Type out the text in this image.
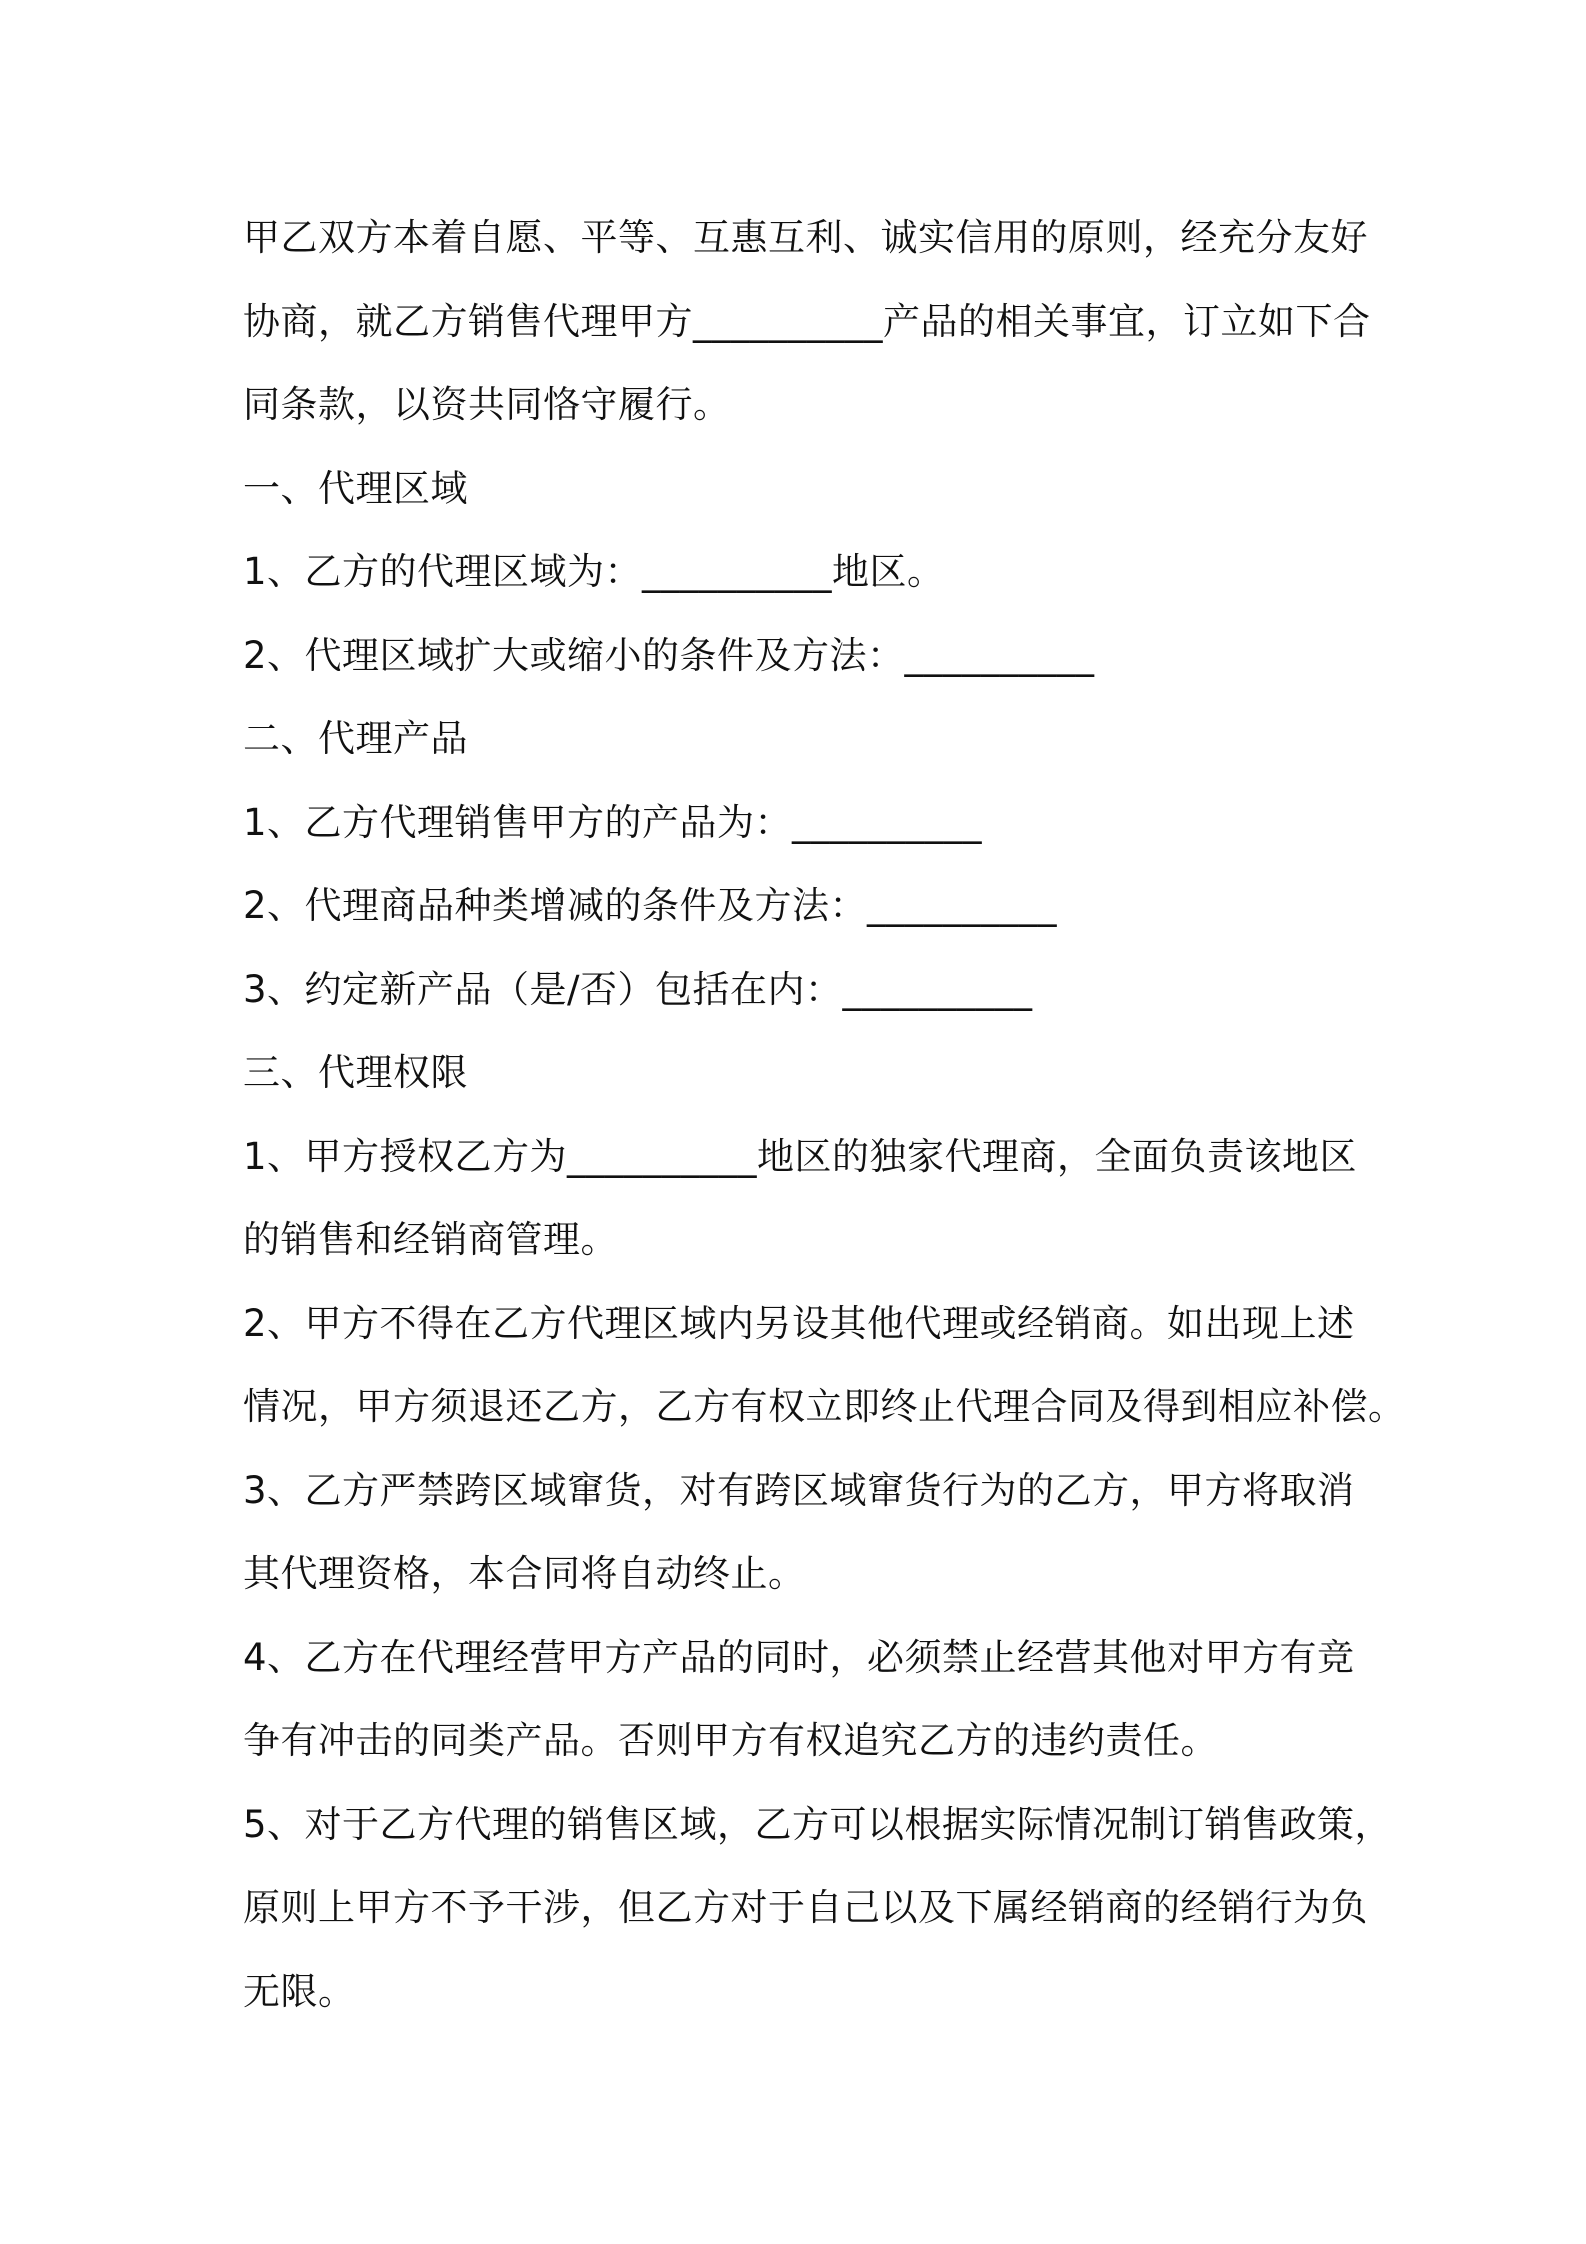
甲乙双方本着自愿、平等、互惠互利、诚实信用的原则，经充分友好

协商，就乙方销售代理甲方__________产品的相关事宜，订立如下合

同条款，以资共同恪守履行。

一、代理区域

1、乙方的代理区域为：__________地区。

2、代理区域扩大或缩小的条件及方法：__________

二、代理产品

1、乙方代理销售甲方的产品为：__________

2、代理商品种类增减的条件及方法：__________

3、约定新产品（是/否）包括在内：__________

三、代理权限

1、甲方授权乙方为__________地区的独家代理商，全面负责该地区

的销售和经销商管理。

2、甲方不得在乙方代理区域内另设其他代理或经销商。如出现上述

情况，甲方须退还乙方，乙方有权立即终止代理合同及得到相应补偿。

3、乙方严禁跨区域窜货，对有跨区域窜货行为的乙方，甲方将取消

其代理资格，本合同将自动终止。

4、乙方在代理经营甲方产品的同时，必须禁止经营其他对甲方有竞

争有冲击的同类产品。否则甲方有权追究乙方的违约责任。

5、对于乙方代理的销售区域，乙方可以根据实际情况制订销售政策，

原则上甲方不予干涉，但乙方对于自己以及下属经销商的经销行为负

无限。
